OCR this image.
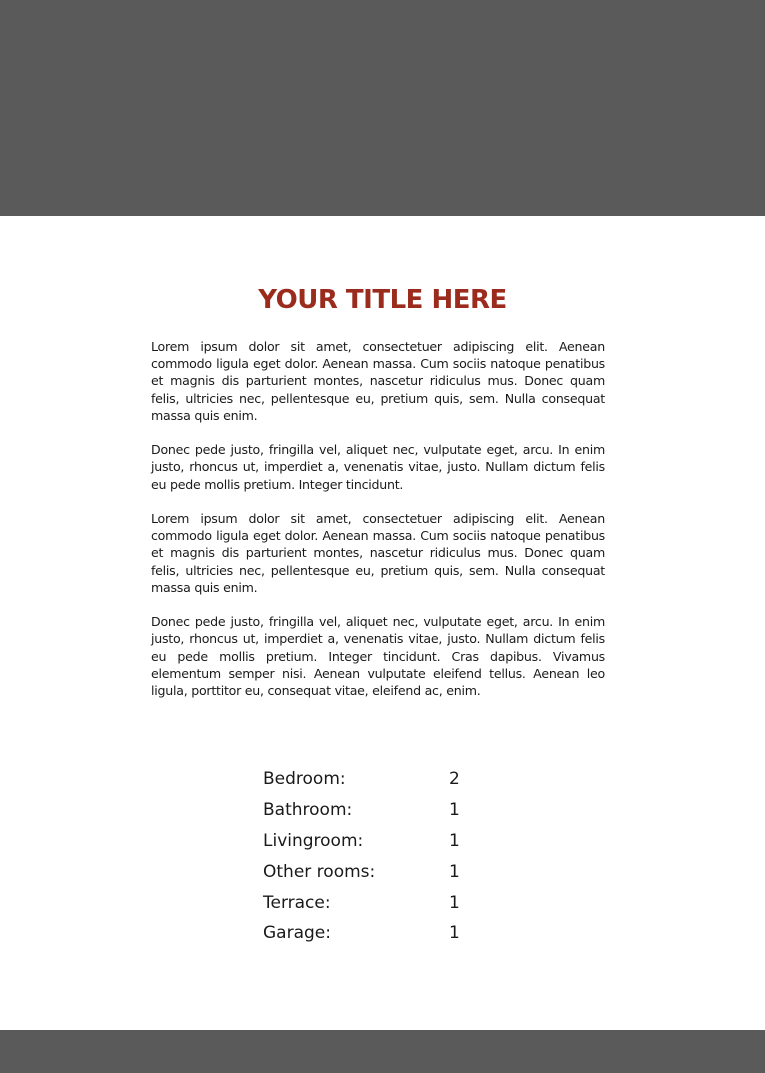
YOUR TITLE HERE

Lorem ipsum dolor sit amet, consectetuer adipiscing elit. Aenean commodo ligula eget dolor. Aenean massa. Cum sociis natoque penatibus et magnis dis parturient montes, nascetur ridiculus mus. Donec quam felis, ultricies nec, pellentesque eu, pretium quis, sem. Nulla consequat massa quis enim.

Donec pede justo, fringilla vel, aliquet nec, vulputate eget, arcu. In enim justo, rhoncus ut, imperdiet a, venenatis vitae, justo. Nullam dictum felis eu pede mollis pretium. Integer tincidunt.

Lorem ipsum dolor sit amet, consectetuer adipiscing elit. Aenean commodo ligula eget dolor. Aenean massa. Cum sociis natoque penatibus et magnis dis parturient montes, nascetur ridiculus mus. Donec quam felis, ultricies nec, pellentesque eu, pretium quis, sem. Nulla consequat massa quis enim.

Donec pede justo, fringilla vel, aliquet nec, vulputate eget, arcu. In enim justo, rhoncus ut, imperdiet a, venenatis vitae, justo. Nullam dictum felis eu pede mollis pretium. Integer tincidunt. Cras dapibus. Vivamus elementum semper nisi. Aenean vulputate eleifend tellus. Aenean leo ligula, porttitor eu, consequat vitae, eleifend ac, enim.

Bedroom:	2
Bathroom:	1
Livingroom:	1
Other rooms:	1
Terrace:	1
Garage:	1
